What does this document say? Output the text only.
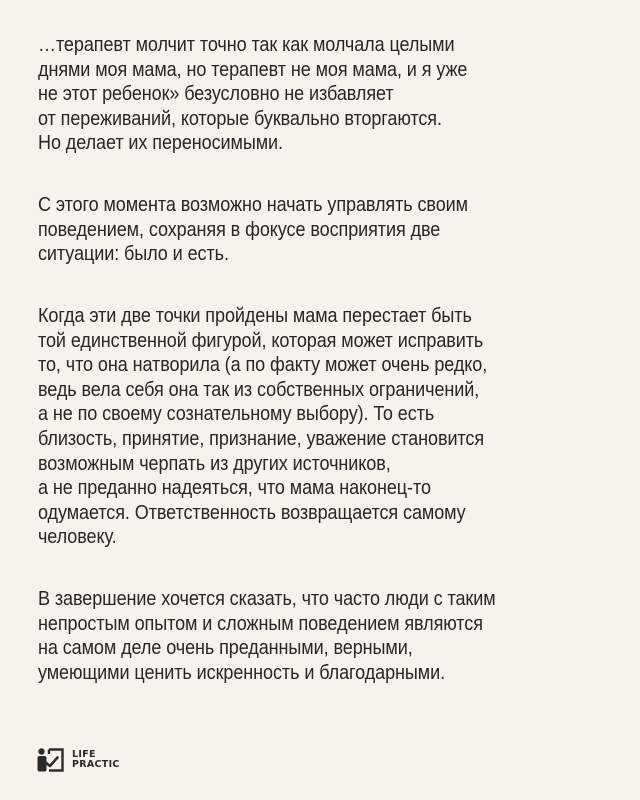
…терапевт молчит точно так как молчала целыми
днями моя мама, но терапевт не моя мама, и я уже
не этот ребенок» безусловно не избавляет
от переживаний, которые буквально вторгаются.
Но делает их переносимыми.
С этого момента возможно начать управлять своим
поведением, сохраняя в фокусе восприятия две
ситуации: было и есть.
Когда эти две точки пройдены мама перестает быть
той единственной фигурой, которая может исправить
то, что она натворила (а по факту может очень редко,
ведь вела себя она так из собственных ограничений,
а не по своему сознательному выбору). То есть
близость, принятие, признание, уважение становится
возможным черпать из других источников,
а не преданно надеяться, что мама наконец-то
одумается. Ответственность возвращается самому
человеку.
В завершение хочется сказать, что часто люди с таким
непростым опытом и сложным поведением являются
на самом деле очень преданными, верными,
умеющими ценить искренность и благодарными.
LIFE
PRACTIC
